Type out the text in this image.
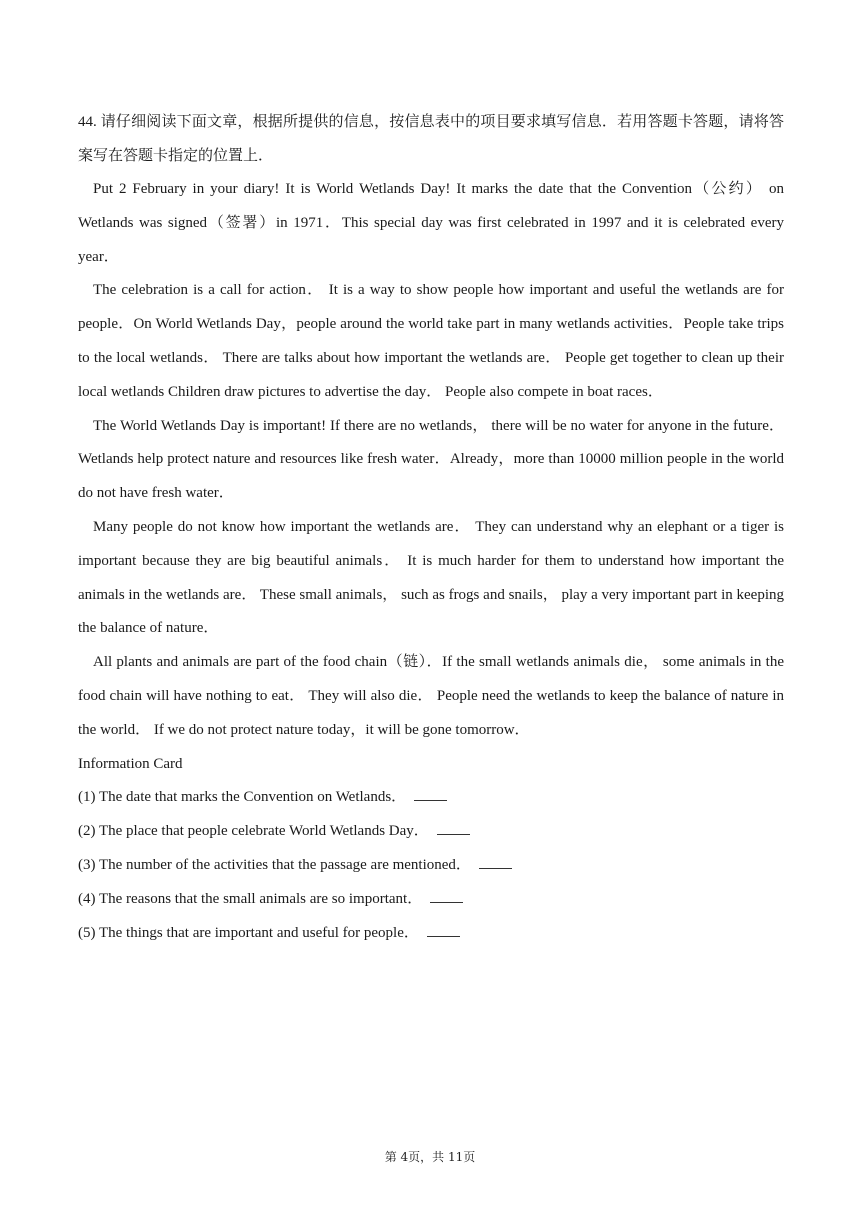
44. 请仔细阅读下面文章，根据所提供的信息，按信息表中的项目要求填写信息．若用答题卡答题，请将答案写在答题卡指定的位置上．

Put 2 February in your diary! It is World Wetlands Day! It marks the date that the Convention（公约） on Wetlands was signed（签署）in 1971．This special day was first celebrated in 1997 and it is celebrated every year．

The celebration is a call for action． It is a way to show people how important and useful the wetlands are for people．On World Wetlands Day，people around the world take part in many wetlands activities．People take trips to the local wetlands． There are talks about how important the wetlands are． People get together to clean up their local wetlands Children draw pictures to advertise the day． People also compete in boat races．

The World Wetlands Day is important! If there are no wetlands， there will be no water for anyone in the future．Wetlands help protect nature and resources like fresh water．Already，more than 10000 million people in the world do not have fresh water．

Many people do not know how important the wetlands are． They can understand why an elephant or a tiger is important because they are big beautiful animals． It is much harder for them to understand how important the animals in the wetlands are． These small animals， such as frogs and snails， play a very important part in keeping the balance of nature．

All plants and animals are part of the food chain（链）．If the small wetlands animals die， some animals in the food chain will have nothing to eat． They will also die． People need the wetlands to keep the balance of nature in the world． If we do not protect nature today，it will be gone tomorrow．

Information Card

(1) The date that marks the Convention on Wetlands．

(2) The place that people celebrate World Wetlands Day．

(3) The number of the activities that the passage are mentioned．

(4) The reasons that the small animals are so important．

(5) The things that are important and useful for people．

第 4页，共 11页
